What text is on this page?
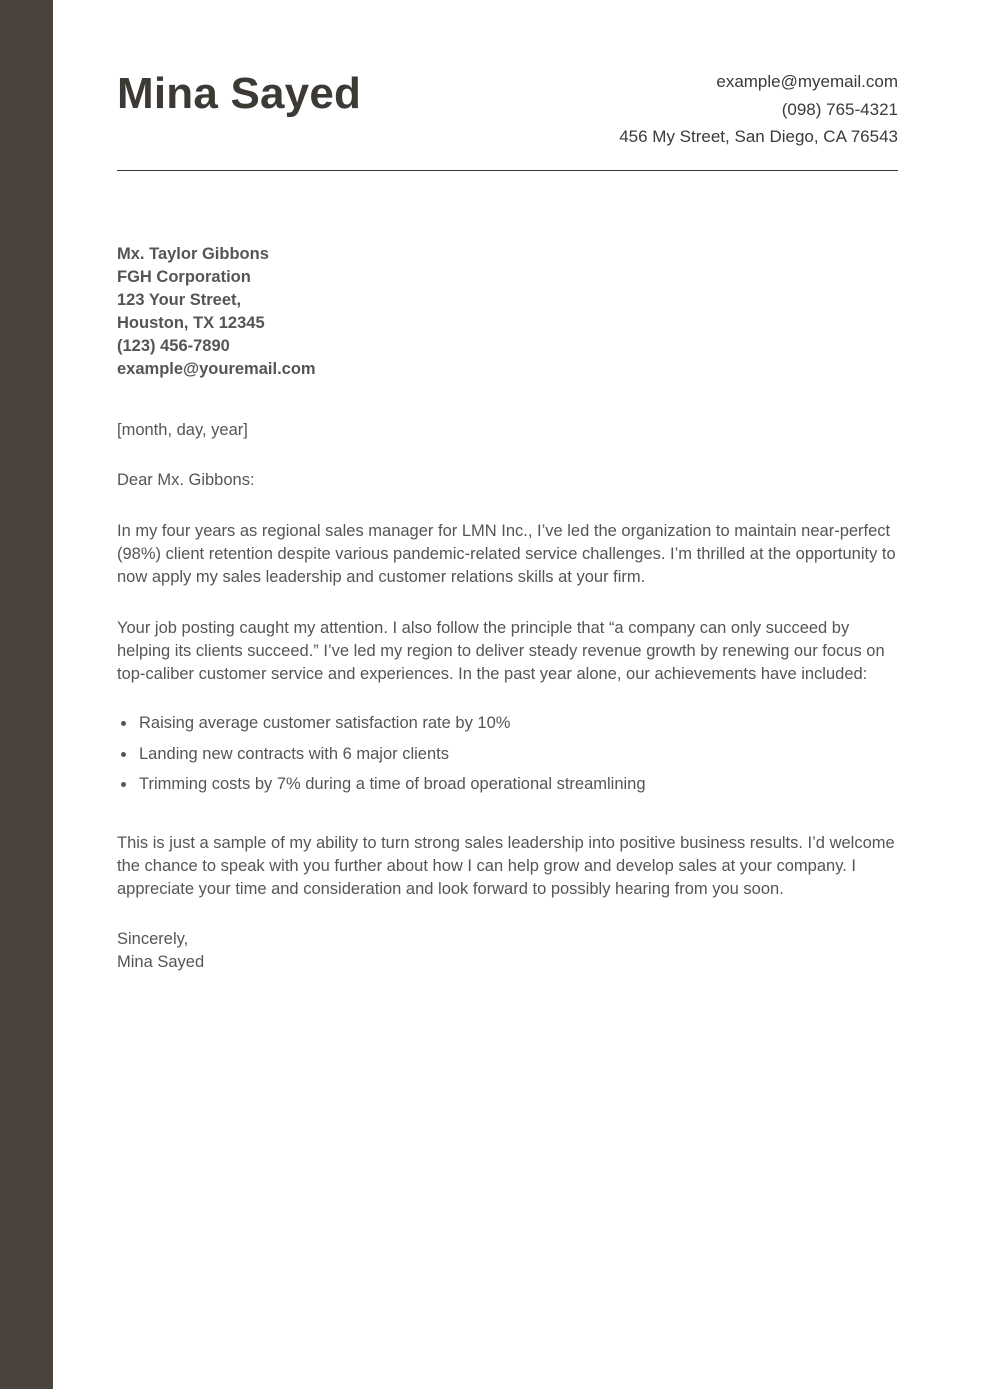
Mina Sayed	example@myemail.com
(098) 765-4321
456 My Street, San Diego, CA 76543
Mx. Taylor Gibbons
FGH Corporation
123 Your Street,
Houston, TX 12345
(123) 456-7890
example@youremail.com

[month, day, year]

Dear Mx. Gibbons:

In my four years as regional sales manager for LMN Inc., I’ve led the organization to maintain near-perfect (98%) client retention despite various pandemic-related service challenges. I’m thrilled at the opportunity to now apply my sales leadership and customer relations skills at your firm.

Your job posting caught my attention. I also follow the principle that “a company can only succeed by helping its clients succeed.” I’ve led my region to deliver steady revenue growth by renewing our focus on top-caliber customer service and experiences. In the past year alone, our achievements have included:

Raising average customer satisfaction rate by 10%
Landing new contracts with 6 major clients
Trimming costs by 7% during a time of broad operational streamlining

This is just a sample of my ability to turn strong sales leadership into positive business results. I’d welcome the chance to speak with you further about how I can help grow and develop sales at your company. I appreciate your time and consideration and look forward to possibly hearing from you soon.

Sincerely,
Mina Sayed
